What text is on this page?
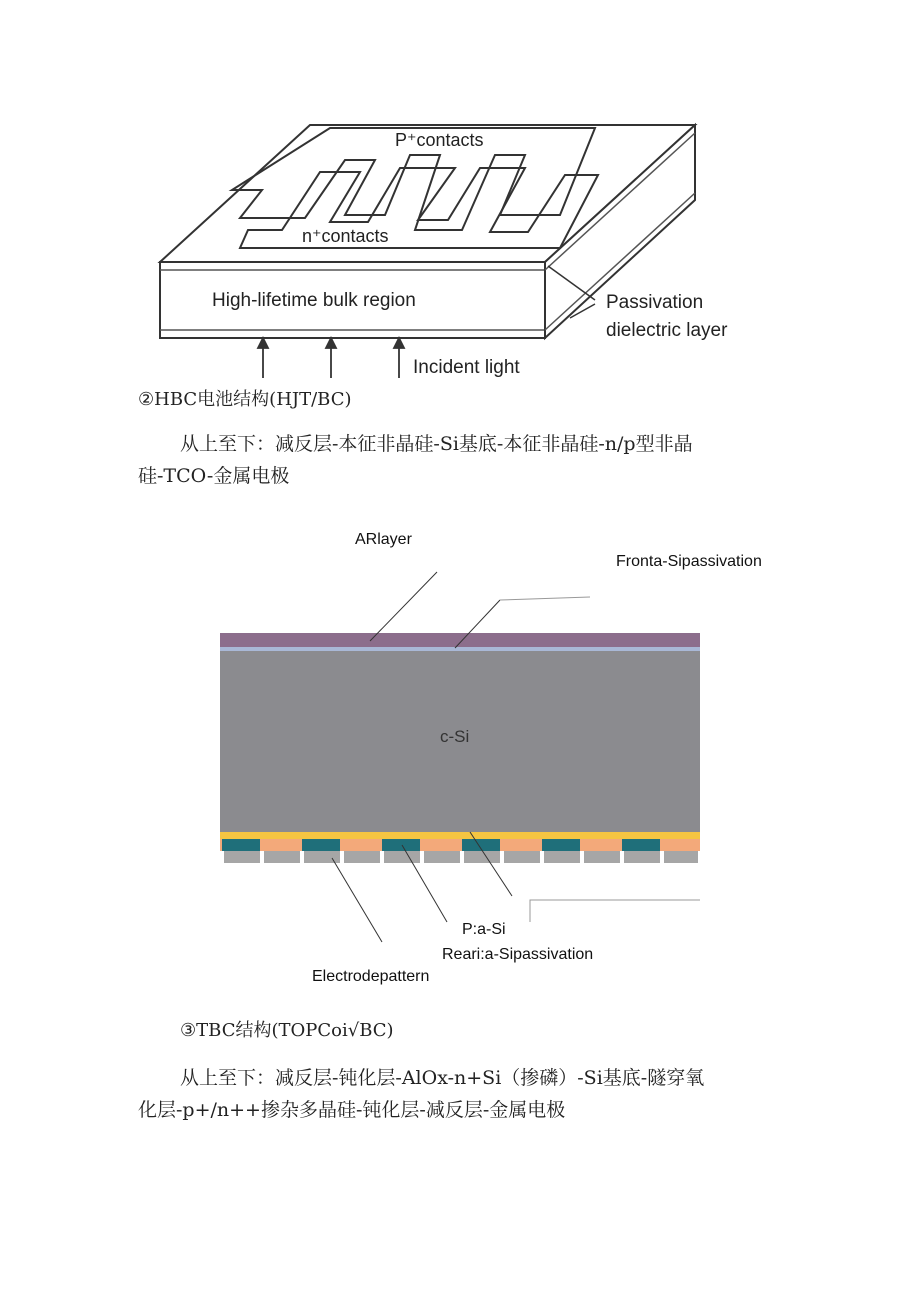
P⁺contacts
n⁺contacts
High-lifetime bulk region	Passivation
dielectric layer
Incident light
②HBC电池结构(HJT/BC)
从上至下：减反层-本征非晶硅-Si基底-本征非晶硅-n/p型非晶
硅-TCO-金属电极
c-Si
ARlayer
Fronta-Sipassivation
P:a-Si
Reari:a-Sipassivation
Electrodepattern
③TBC结构(TOPCoi√BC)
从上至下：减反层-钝化层-AlOx-n+Si（掺磷）-Si基底-隧穿氧
化层-p+/n++掺杂多晶硅-钝化层-减反层-金属电极
